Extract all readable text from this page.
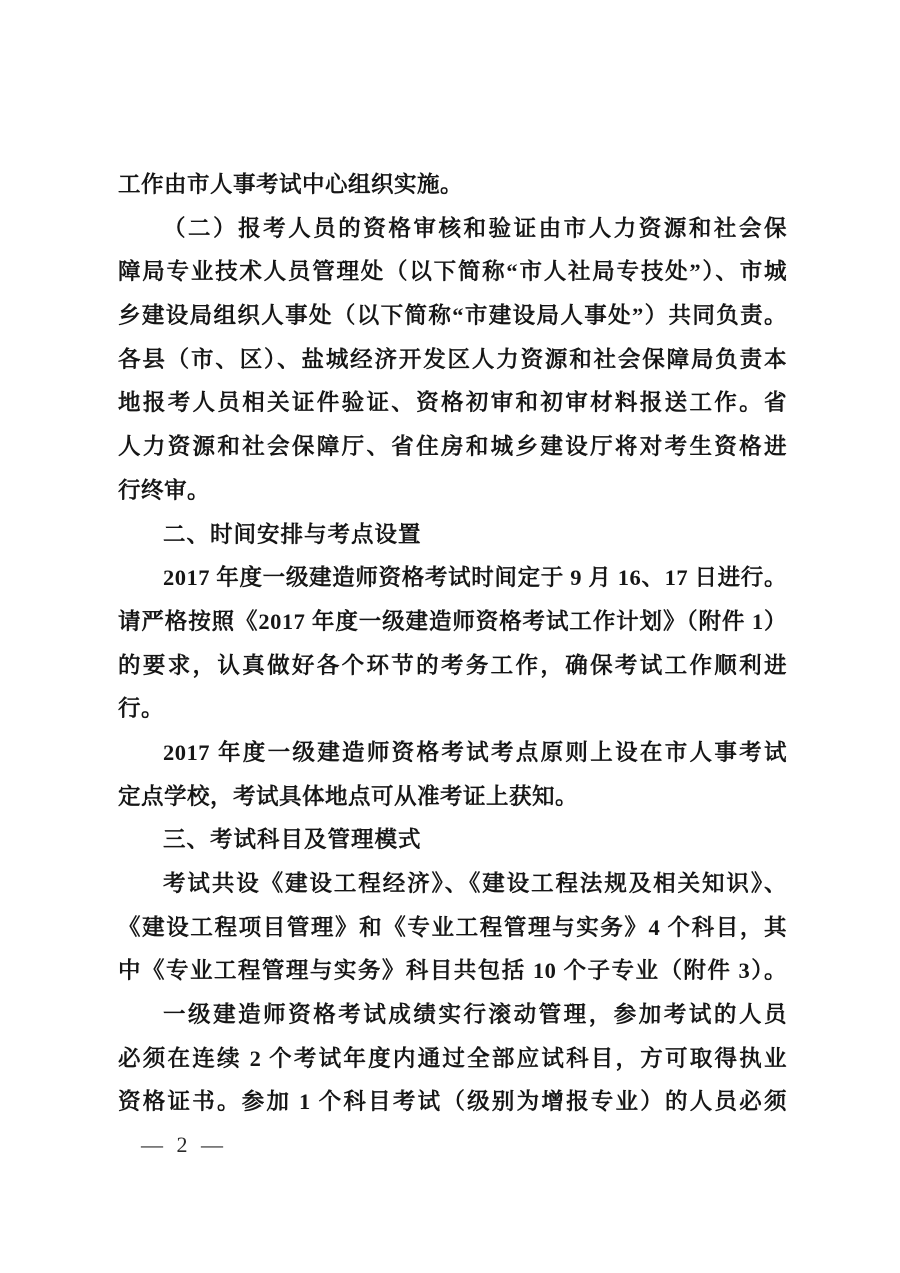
工作由市人事考试中心组织实施。
（二）报考人员的资格审核和验证由市人力资源和社会保
障局专业技术人员管理处（以下简称“市人社局专技处”）、市城
乡建设局组织人事处（以下简称“市建设局人事处”）共同负责。
各县（市、区）、盐城经济开发区人力资源和社会保障局负责本
地报考人员相关证件验证、资格初审和初审材料报送工作。省
人力资源和社会保障厅、省住房和城乡建设厅将对考生资格进
行终审。
二、时间安排与考点设置
2017 年度一级建造师资格考试时间定于 9 月 16、17 日进行。
请严格按照《2017 年度一级建造师资格考试工作计划》（附件 1）
的要求，认真做好各个环节的考务工作，确保考试工作顺利进
行。
2017 年度一级建造师资格考试考点原则上设在市人事考试
定点学校，考试具体地点可从准考证上获知。
三、考试科目及管理模式
考试共设《建设工程经济》、《建设工程法规及相关知识》、
《建设工程项目管理》和《专业工程管理与实务》4 个科目，其
中《专业工程管理与实务》科目共包括 10 个子专业（附件 3）。
一级建造师资格考试成绩实行滚动管理，参加考试的人员
必须在连续 2 个考试年度内通过全部应试科目，方可取得执业
资格证书。参加 1 个科目考试（级别为增报专业）的人员必须
— 2 —
